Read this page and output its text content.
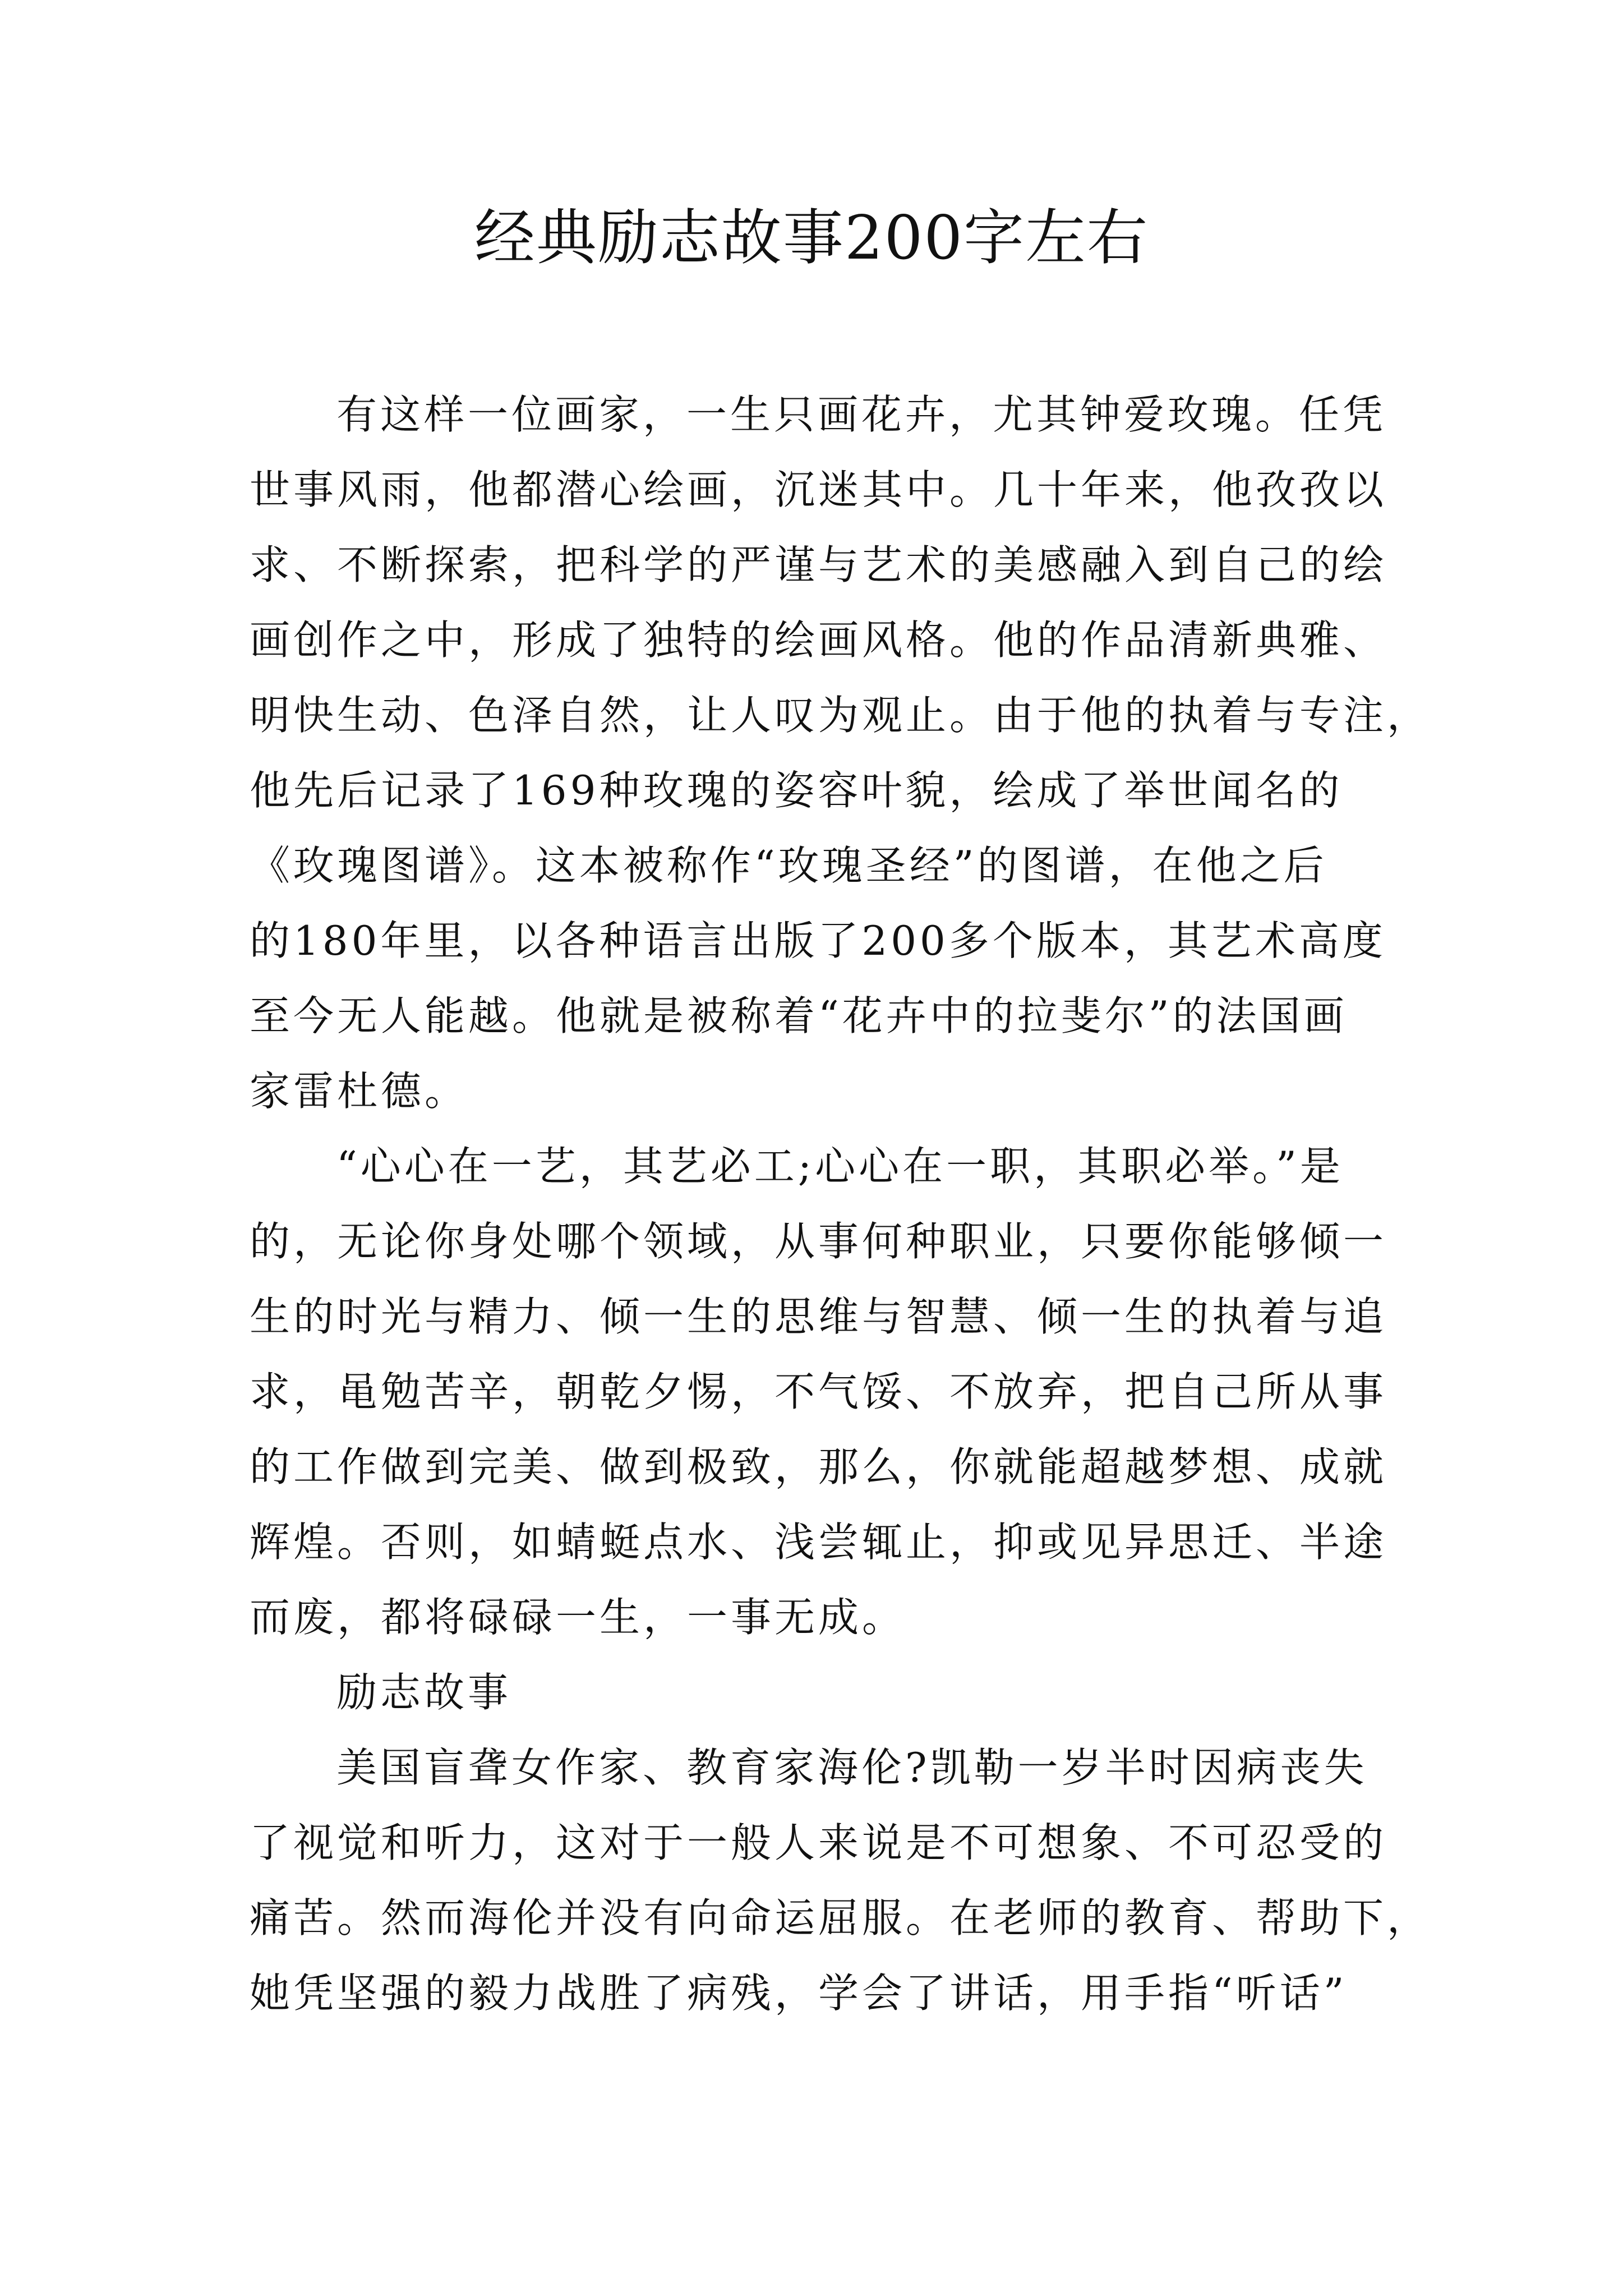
经典励志故事200字左右
有这样一位画家，一生只画花卉，尤其钟爱玫瑰。任凭
世事风雨，他都潜心绘画，沉迷其中。几十年来，他孜孜以
求、不断探索，把科学的严谨与艺术的美感融入到自己的绘
画创作之中，形成了独特的绘画风格。他的作品清新典雅、
明快生动、色泽自然，让人叹为观止。由于他的执着与专注，
他先后记录了169种玫瑰的姿容叶貌，绘成了举世闻名的
《玫瑰图谱》。这本被称作“玫瑰圣经”的图谱，在他之后
的180年里，以各种语言出版了200多个版本，其艺术高度
至今无人能越。他就是被称着“花卉中的拉斐尔”的法国画
家雷杜德。
“心心在一艺，其艺必工;心心在一职，其职必举。”是
的，无论你身处哪个领域，从事何种职业，只要你能够倾一
生的时光与精力、倾一生的思维与智慧、倾一生的执着与追
求，黾勉苦辛，朝乾夕惕，不气馁、不放弃，把自己所从事
的工作做到完美、做到极致，那么，你就能超越梦想、成就
辉煌。否则，如蜻蜓点水、浅尝辄止，抑或见异思迁、半途
而废，都将碌碌一生，一事无成。
励志故事
美国盲聋女作家、教育家海伦?凯勒一岁半时因病丧失
了视觉和听力，这对于一般人来说是不可想象、不可忍受的
痛苦。然而海伦并没有向命运屈服。在老师的教育、帮助下，
她凭坚强的毅力战胜了病残，学会了讲话，用手指“听话”
